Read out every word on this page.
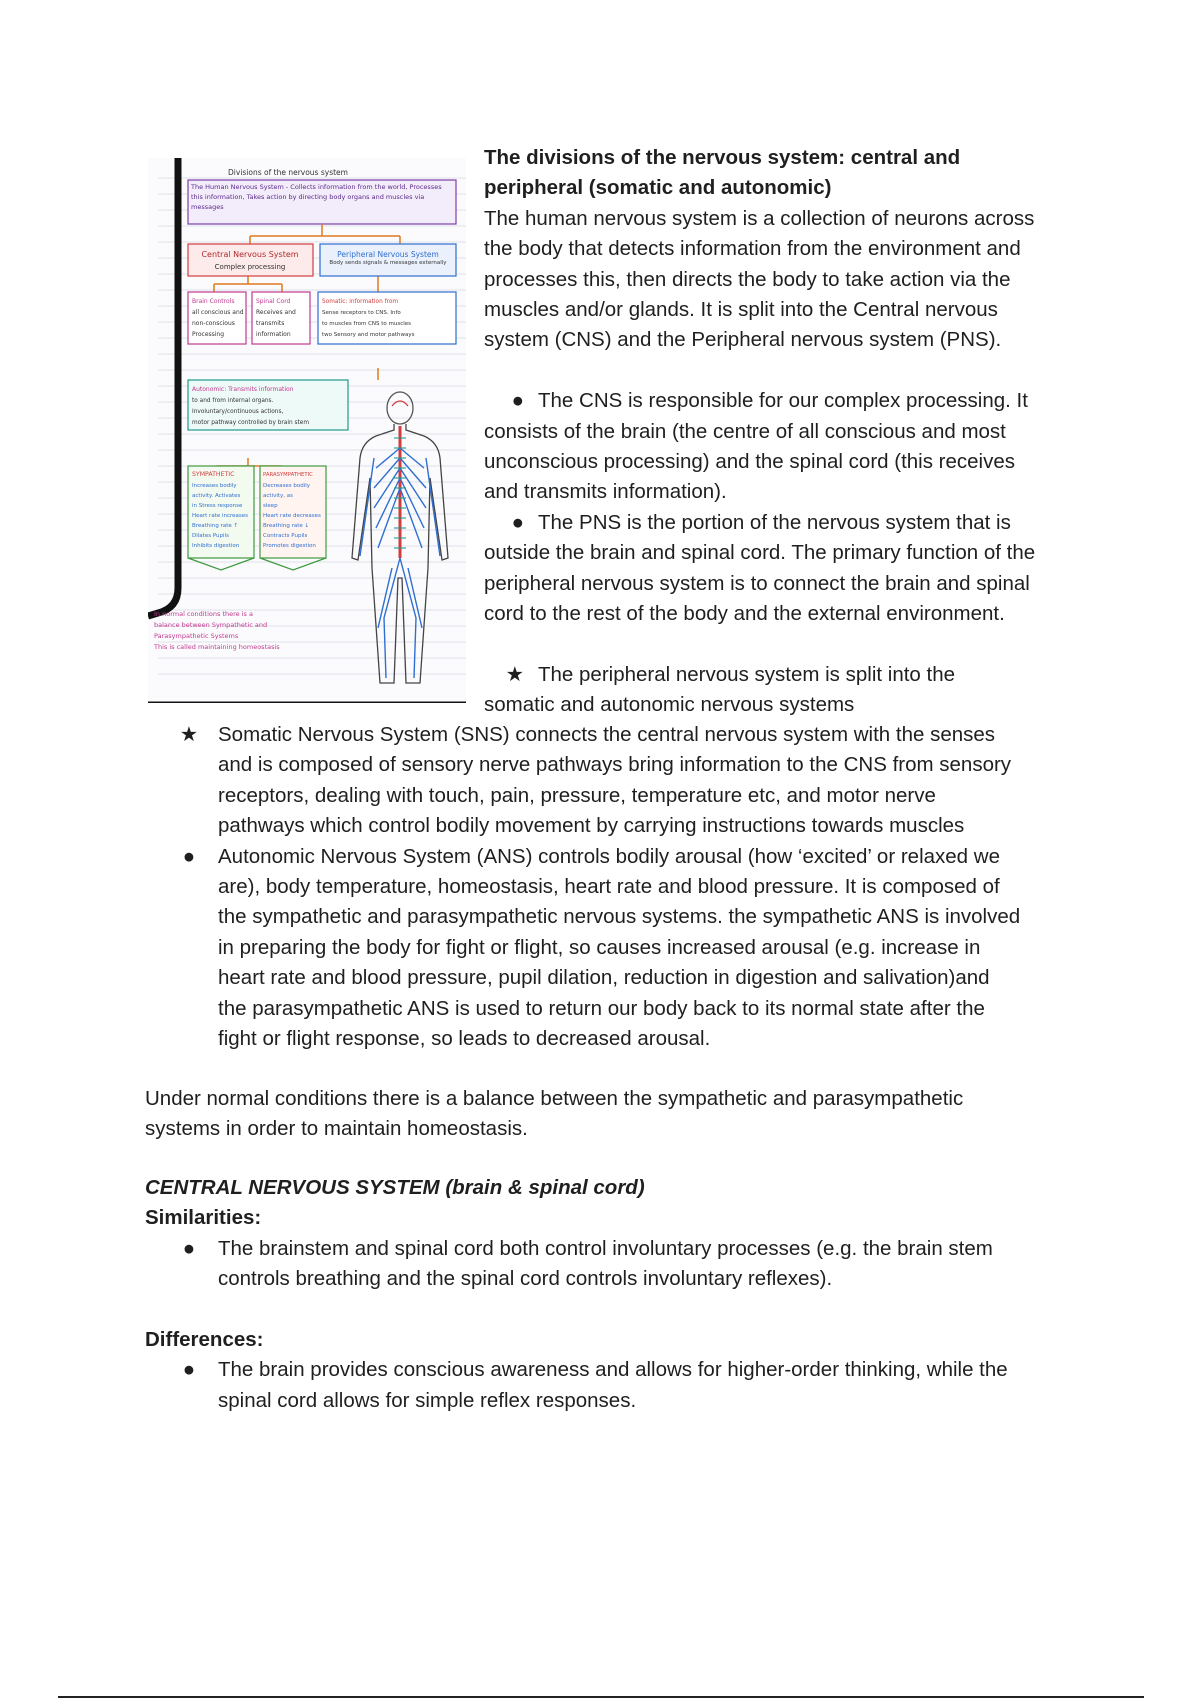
Divisions of the nervous system
The Human Nervous System - Collects information from the world, Processes this information, Takes action by directing body organs and muscles via messages
Central Nervous System
Complex processing
Peripheral Nervous System
Body sends signals & messages externally
Brain Controls
all conscious and
non-conscious
Processing
Spinal Cord
Receives and
transmits
information
Somatic: information from
Sense receptors to CNS. Info
to muscles from CNS to muscles
two Sensory and motor pathways
Autonomic: Transmits information
to and from internal organs.
Involuntary/continuous actions,
motor pathway controlled by brain stem
SYMPATHETIC
Increases bodily
activity. Activates
in Stress response
Heart rate increases
Breathing rate ↑
Dilates Pupils
Inhibits digestion
PARASYMPATHETIC
Decreases bodily
activity, as
sleep
Heart rate decreases
Breathing rate ↓
Contracts Pupils
Promotes digestion
In normal conditions there is a
balance between Sympathetic and
Parasympathetic Systems
This is called maintaining homeostasis
The divisions of the nervous system: central and
peripheral (somatic and autonomic)
The human nervous system is a collection of neurons across
the body that detects information from the environment and
processes this, then directs the body to take action via the
muscles and/or glands. It is split into the Central nervous
system (CNS) and the Peripheral nervous system (PNS).
● The CNS is responsible for our complex processing. It
consists of the brain (the centre of all conscious and most
unconscious processing) and the spinal cord (this receives
and transmits information).
● The PNS is the portion of the nervous system that is
outside the brain and spinal cord. The primary function of the
peripheral nervous system is to connect the brain and spinal
cord to the rest of the body and the external environment.
★ The peripheral nervous system is split into the
somatic and autonomic nervous systems
★ Somatic Nervous System (SNS) connects the central nervous system with the senses
and is composed of sensory nerve pathways bring information to the CNS from sensory
receptors, dealing with touch, pain, pressure, temperature etc, and motor nerve
pathways which control bodily movement by carrying instructions towards muscles
● Autonomic Nervous System (ANS) controls bodily arousal (how ‘excited’ or relaxed we
are), body temperature, homeostasis, heart rate and blood pressure. It is composed of
the sympathetic and parasympathetic nervous systems. the sympathetic ANS is involved
in preparing the body for fight or flight, so causes increased arousal (e.g. increase in
heart rate and blood pressure, pupil dilation, reduction in digestion and salivation)and
the parasympathetic ANS is used to return our body back to its normal state after the
fight or flight response, so leads to decreased arousal.
Under normal conditions there is a balance between the sympathetic and parasympathetic
systems in order to maintain homeostasis.
CENTRAL NERVOUS SYSTEM (brain & spinal cord)
Similarities:
● The brainstem and spinal cord both control involuntary processes (e.g. the brain stem
controls breathing and the spinal cord controls involuntary reflexes).
Differences:
● The brain provides conscious awareness and allows for higher-order thinking, while the
spinal cord allows for simple reflex responses.
